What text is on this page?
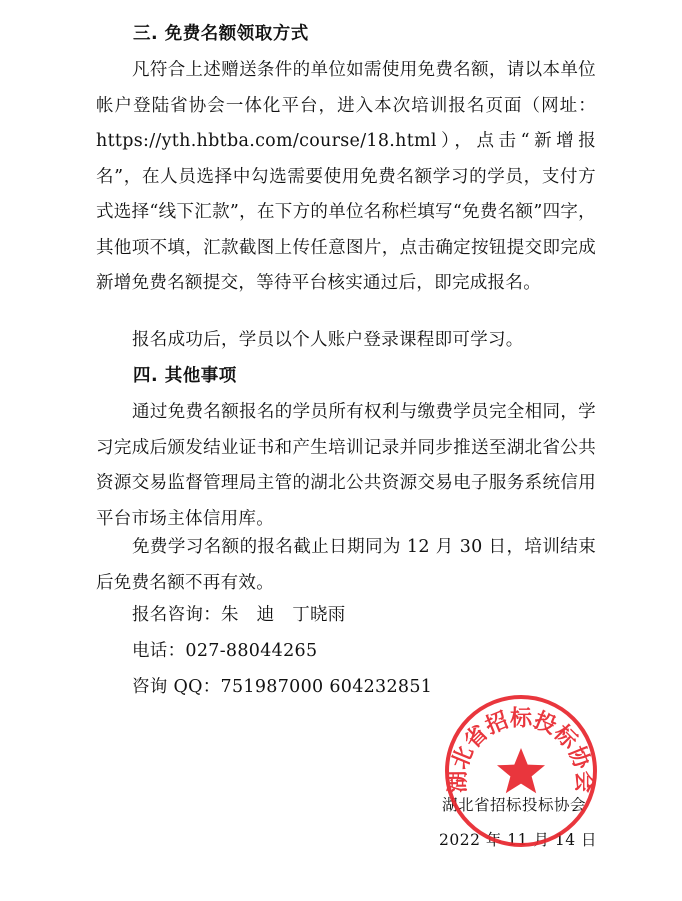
三. 免费名额领取方式
凡符合上述赠送条件的单位如需使用免费名额，请以本单位帐户登陆省协会一体化平台，进入本次培训报名页面（网址：https://yth.hbtba.com/course/18.html），点击“新增报名”，在人员选择中勾选需要使用免费名额学习的学员，支付方式选择“线下汇款”，在下方的单位名称栏填写“免费名额”四字，其他项不填，汇款截图上传任意图片，点击确定按钮提交即完成新增免费名额提交，等待平台核实通过后，即完成报名。
报名成功后，学员以个人账户登录课程即可学习。
四. 其他事项
通过免费名额报名的学员所有权利与缴费学员完全相同，学习完成后颁发结业证书和产生培训记录并同步推送至湖北省公共资源交易监督管理局主管的湖北公共资源交易电子服务系统信用平台市场主体信用库。
免费学习名额的报名截止日期同为 12 月 30 日，培训结束后免费名额不再有效。
报名咨询：朱　迪　丁晓雨
电话：027-88044265
咨询 QQ：751987000 604232851
湖北省招标投标协会
2022 年 11 月 14 日
湖北省招标投标协会
